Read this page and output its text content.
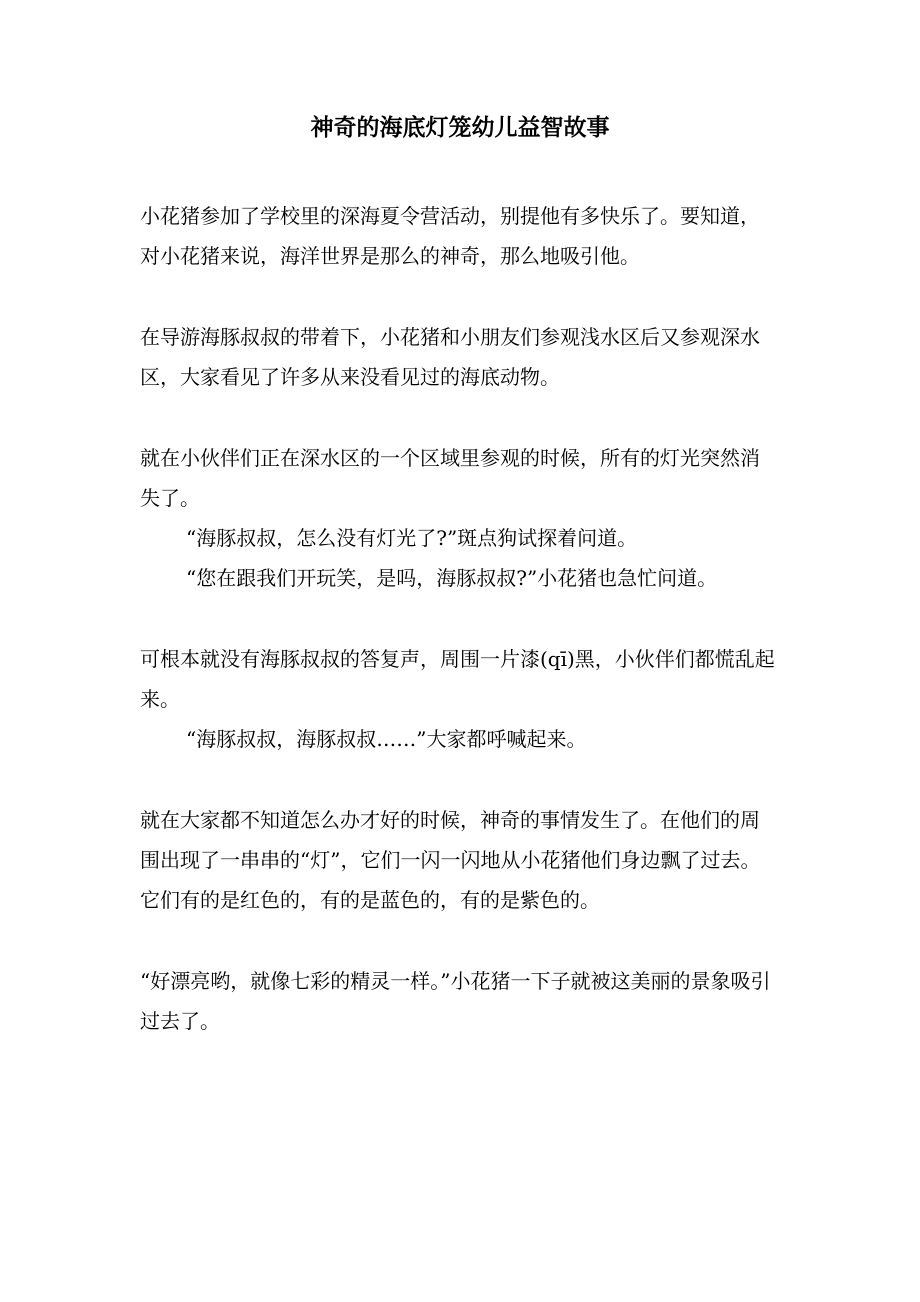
神奇的海底灯笼幼儿益智故事

小花猪参加了学校里的深海夏令营活动，别提他有多快乐了。要知道，对小花猪来说，海洋世界是那么的神奇，那么地吸引他。

在导游海豚叔叔的带着下，小花猪和小朋友们参观浅水区后又参观深水区，大家看见了许多从来没看见过的海底动物。

就在小伙伴们正在深水区的一个区域里参观的时候，所有的灯光突然消失了。

“海豚叔叔，怎么没有灯光了?”斑点狗试探着问道。

“您在跟我们开玩笑，是吗，海豚叔叔?”小花猪也急忙问道。

可根本就没有海豚叔叔的答复声，周围一片漆(qī)黑，小伙伴们都慌乱起来。

“海豚叔叔，海豚叔叔……”大家都呼喊起来。

就在大家都不知道怎么办才好的时候，神奇的事情发生了。在他们的周围出现了一串串的“灯”，它们一闪一闪地从小花猪他们身边飘了过去。它们有的是红色的，有的是蓝色的，有的是紫色的。

“好漂亮哟，就像七彩的精灵一样。”小花猪一下子就被这美丽的景象吸引过去了。
